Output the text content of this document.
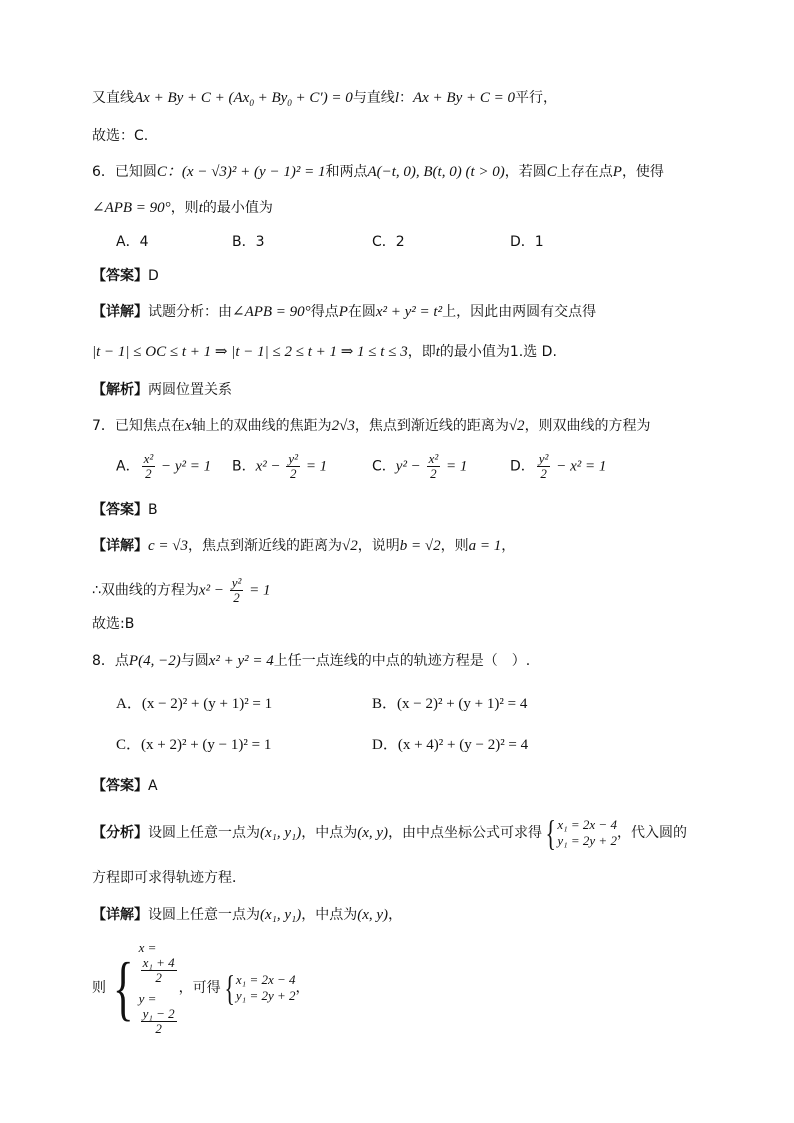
又直线$Ax + By + C + (Ax_0 + By_0 + C') = 0$与直线l：Ax + By + C = 0平行，
故选：C.
6．已知圆C：(x − √3)² + (y − 1)² = 1和两点A(−t, 0), B(t, 0) (t > 0)，若圆C上存在点P，使得
∠APB = 90°，则t的最小值为
A．4	B．3	C．2	D．1
【答案】D
【详解】试题分析：由∠APB = 90°得点P在圆x² + y² = t²上，因此由两圆有交点得
|t − 1| ≤ OC ≤ t + 1 ⇒ |t − 1| ≤ 2 ≤ t + 1 ⇒ 1 ≤ t ≤ 3，即t的最小值为1.选 D.
【解析】两圆位置关系
7．已知焦点在x轴上的双曲线的焦距为2√3，焦点到渐近线的距离为√2，则双曲线的方程为
A． $\frac{\text{x²}}{2} - y^2 = 1$ B．$x^2 - \frac{\text{y²}}{2} = 1$	C．$y^2 - \frac{\text{x²}}{2} = 1$	D． $\frac{\text{y²}}{2} - x^2 = 1$
【答案】B
【详解】c = √3，焦点到渐近线的距离为√2，说明b = √2，则a = 1，
∴双曲线的方程为$x^2 - \frac{\text{y²}}{2} = 1$
故选:B
8．点P(4, −2)与圆x² + y² = 4上任一点连线的中点的轨迹方程是（　）.
A．(x − 2)² + (y + 1)² = 1	B．(x − 2)² + (y + 1)² = 4
C．(x + 2)² + (y − 1)² = 1	D．(x + 4)² + (y − 2)² = 4
【答案】A
【分析】设圆上任意一点为(x₁, y₁)，中点为(x, y)，由中点坐标公式可求得{ x₁ = 2x − 4
y₁ = 2y + 2 ，代入圆的
方程即可求得轨迹方程．
【详解】设圆上任意一点为(x₁, y₁)，中点为(x, y)，
则{
x =
x₁ + 4
2
y =
y₁ − 2
2
，可得{ x₁ = 2x − 4
y₁ = 2y + 2 ，
